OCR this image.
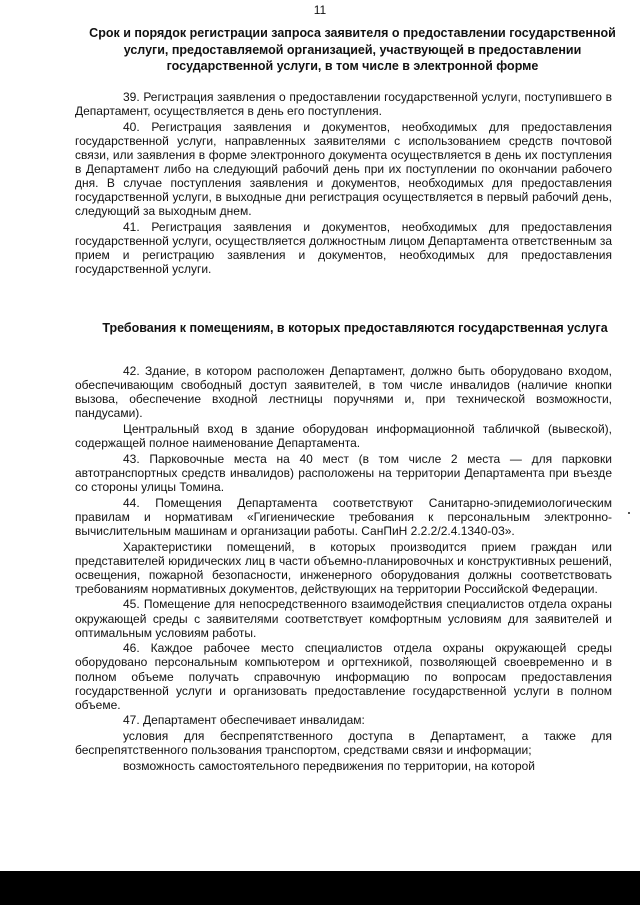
11
Срок и порядок регистрации запроса заявителя о предоставлении государственной услуги, предоставляемой организацией, участвующей в предоставлении государственной услуги, в том числе в электронной форме

39. Регистрация заявления о предоставлении государственной услуги, поступившего в Департамент, осуществляется в день его поступления.

40. Регистрация заявления и документов, необходимых для предоставления государственной услуги, направленных заявителями с использованием средств почтовой связи, или заявления в форме электронного документа осуществляется в день их поступления в Департамент либо на следующий рабочий день при их поступлении по окончании рабочего дня. В случае поступления заявления и документов, необходимых для предоставления государственной услуги, в выходные дни регистрация осуществляется в первый рабочий день, следующий за выходным днем.

41. Регистрация заявления и документов, необходимых для предоставления государственной услуги, осуществляется должностным лицом Департамента ответственным за прием и регистрацию заявления и документов, необходимых для предоставления государственной услуги.

Требования к помещениям, в которых предоставляются государственная услуга

42. Здание, в котором расположен Департамент, должно быть оборудовано входом, обеспечивающим свободный доступ заявителей, в том числе инвалидов (наличие кнопки вызова, обеспечение входной лестницы поручнями и, при технической возможности, пандусами).

Центральный вход в здание оборудован информационной табличкой (вывеской), содержащей полное наименование Департамента.

43. Парковочные места на 40 мест (в том числе 2 места — для парковки автотранспортных средств инвалидов) расположены на территории Департамента при въезде со стороны улицы Томина.

44. Помещения Департамента соответствуют Санитарно-эпидемиологическим правилам и нормативам «Гигиенические требования к персональным электронно-вычислительным машинам и организации работы. СанПиН 2.2.2/2.4.1340-03».

Характеристики помещений, в которых производится прием граждан или представителей юридических лиц в части объемно-планировочных и конструктивных решений, освещения, пожарной безопасности, инженерного оборудования должны соответствовать требованиям нормативных документов, действующих на территории Российской Федерации.

45. Помещение для непосредственного взаимодействия специалистов отдела охраны окружающей среды с заявителями соответствует комфортным условиям для заявителей и оптимальным условиям работы.

46. Каждое рабочее место специалистов отдела охраны окружающей среды оборудовано персональным компьютером и оргтехникой, позволяющей своевременно и в полном объеме получать справочную информацию по вопросам предоставления государственной услуги и организовать предоставление государственной услуги в полном объеме.

47. Департамент обеспечивает инвалидам:

условия для беспрепятственного доступа в Департамент, а также для беспрепятственного пользования транспортом, средствами связи и информации;

возможность самостоятельного передвижения по территории, на которой
